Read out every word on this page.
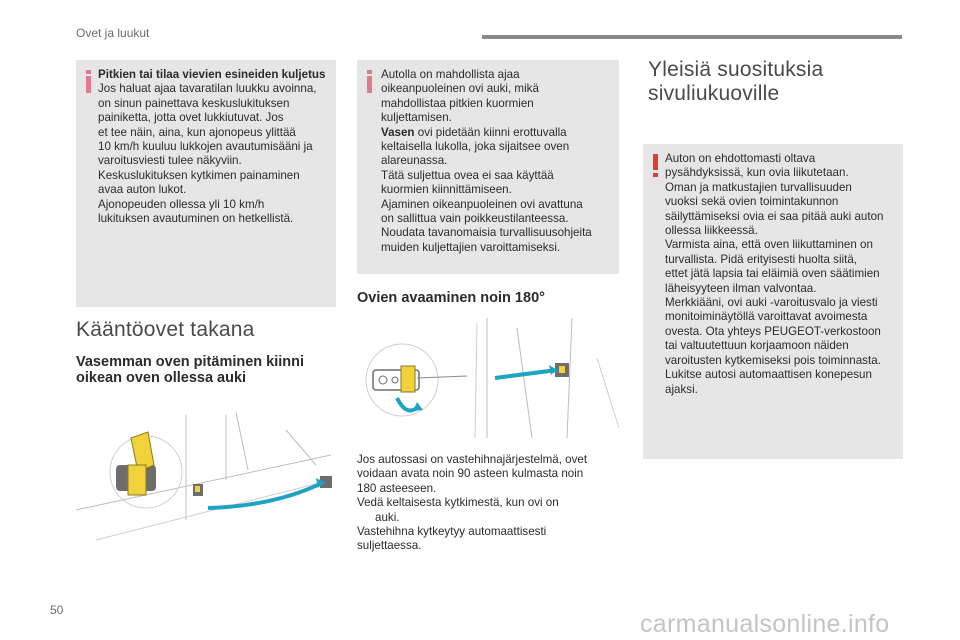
Ovet ja luukut

Pitkien tai tilaa vievien esineiden kuljetus

Jos haluat ajaa tavaratilan luukku avoinna,

on sinun painettava keskuslukituksen

painiketta, jotta ovet lukkiutuvat. Jos

et tee näin, aina, kun ajonopeus ylittää

10 km/h kuuluu lukkojen avautumisääni ja

varoitusviesti tulee näkyviin.

Keskuslukituksen kytkimen painaminen

avaa auton lukot.

Ajonopeuden ollessa yli 10 km/h

lukituksen avautuminen on hetkellistä.

Kääntöovet takana
Vasemman oven pitäminen kiinni
oikean oven ollessa auki

Autolla on mahdollista ajaa

oikeanpuoleinen ovi auki, mikä

mahdollistaa pitkien kuormien

kuljettamisen.

Vasen ovi pidetään kiinni erottuvalla

keltaisella lukolla, joka sijaitsee oven

alareunassa.

Tätä suljettua ovea ei saa käyttää

kuormien kiinnittämiseen.

Ajaminen oikeanpuoleinen ovi avattuna

on sallittua vain poikkeustilanteessa.

Noudata tavanomaisia turvallisuusohjeita

muiden kuljettajien varoittamiseksi.

Ovien avaaminen noin 180°

Jos autossasi on vastehihnajärjestelmä, ovet

voidaan avata noin 90 asteen kulmasta noin

180 asteeseen.

Vedä keltaisesta kytkimestä, kun ovi on

auki.

Vastehihna kytkeytyy automaattisesti

suljettaessa.

Yleisiä suosituksia
sivuliukuoville

Auton on ehdottomasti oltava

pysähdyksissä, kun ovia liikutetaan.

Oman ja matkustajien turvallisuuden

vuoksi sekä ovien toimintakunnon

säilyttämiseksi ovia ei saa pitää auki auton

ollessa liikkeessä.

Varmista aina, että oven liikuttaminen on

turvallista. Pidä erityisesti huolta siitä,

ettet jätä lapsia tai eläimiä oven säätimien

läheisyyteen ilman valvontaa.

Merkkiääni, ovi auki -varoitusvalo ja viesti

monitoiminäytöllä varoittavat avoimesta

ovesta. Ota yhteys PEUGEOT-verkostoon

tai valtuutettuun korjaamoon näiden

varoitusten kytkemiseksi pois toiminnasta.

Lukitse autosi automaattisen konepesun

ajaksi.

50	carmanualsonline.info
